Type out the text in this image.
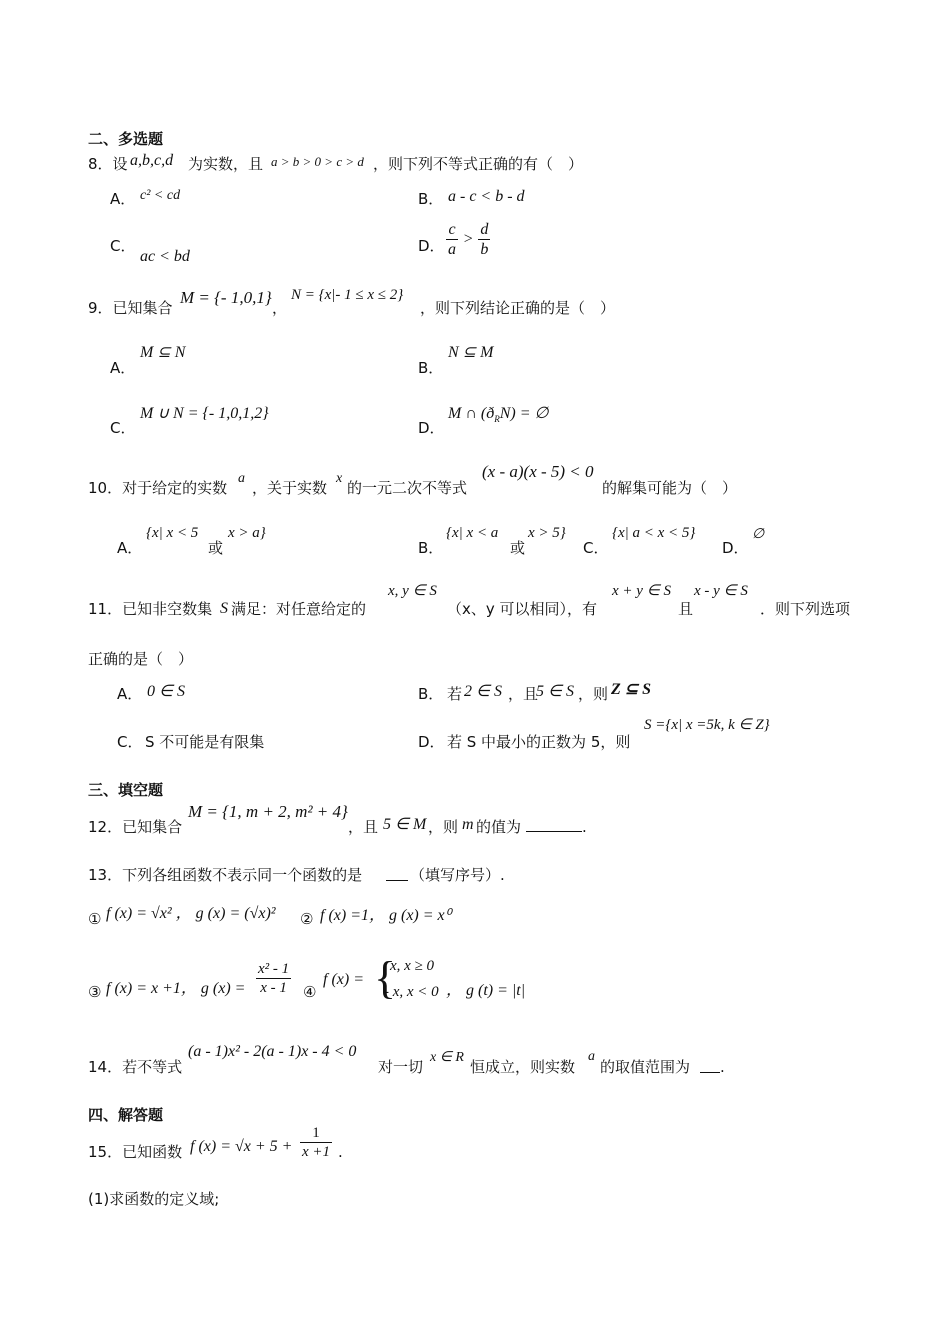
二、多选题
8．设 a,b,c,d 为实数，且 a > b > 0 > c > d ，则下列不等式正确的有（　）
A． c² < cd	B． a - c < b - d
C．
ac < bd
D． $\frac{c}{a} > \frac{d}{b}$
9．已知集合
M = {- 1,0,1}
，
N = {x|- 1 ≤ x ≤ 2}
，则下列结论正确的是（　）
A．
M ⊆ N
B．
N ⊆ M
C．
M ∪ N = {- 1,0,1,2}
D．
M ∩ $(ð_RN)$ = ∅
10．对于给定的实数
a
，关于实数
x
的一元二次不等式
(x - a)(x - 5) < 0
的解集可能为（　）
A．
{x| x < 5
或
x > a}
B．
{x| x < a
或
x > 5}
C．
{x| a < x < 5}
D．
∅
11．已知非空数集 S 满足：对任意给定的
x, y ∈ S
（x、y 可以相同），有
x + y ∈ S
且
x - y ∈ S
．则下列选项
正确的是（　）
A． 0 ∈ S	B． 若 2 ∈ S ，且
5 ∈ S ，则 Z ⊆ S
C． S 不可能是有限集	D． 若 S 中最小的正数为 5，则
S ={x| x =5k, k ∈ Z}
三、填空题
12．已知集合
M = {1, m + 2, m² + 4}
，且 5 ∈ M ，则 m 的值为	.
13．下列各组函数不表示同一个函数的是	（填写序号）.
① f (x) = √x² ， g (x) = (√x)² ② f (x) =1， g (x) = x⁰
③ f (x) = x +1， g $(x) = \frac{\text{x² - 1}}{x - 1}$ ④
f (x) = {
x, x ≥ 0
- x, x < 0 ， g (t) = |t|
14．若不等式
(a - 1)x² - 2(a - 1)x - 4 < 0
对一切
x ∈ R
恒成立，则实数
a
的取值范围为 .
四、解答题
15．已知函数 f $(x) = √x + 5 + \frac{1}{x +1}$ .
(1)求函数的定义域;
